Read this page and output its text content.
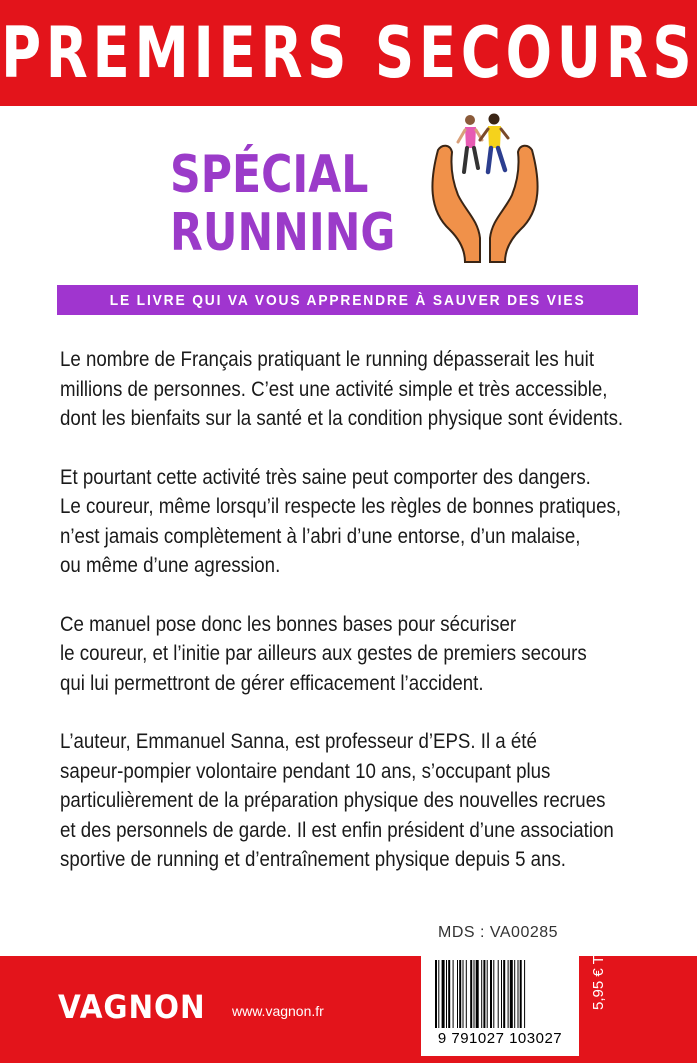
PREMIERS SECOURS
SPÉCIAL
RUNNING
LE LIVRE QUI VA VOUS APPRENDRE À SAUVER DES VIES

Le nombre de Français pratiquant le running dépasserait les huit
millions de personnes. C’est une activité simple et très accessible,
dont les bienfaits sur la santé et la condition physique sont évidents.

Et pourtant cette activité très saine peut comporter des dangers.
Le coureur, même lorsqu’il respecte les règles de bonnes pratiques,
n’est jamais complètement à l’abri d’une entorse, d’un malaise,
ou même d’une agression.

Ce manuel pose donc les bonnes bases pour sécuriser
le coureur, et l’initie par ailleurs aux gestes de premiers secours
qui lui permettront de gérer efficacement l’accident.

L’auteur, Emmanuel Sanna, est professeur d’EPS. Il a été
sapeur-pompier volontaire pendant 10 ans, s’occupant plus
particulièrement de la préparation physique des nouvelles recrues
et des personnels de garde. Il est enfin président d’une association
sportive de running et d’entraînement physique depuis 5 ans.

MDS : VA00285
VAGNON www.vagnon.fr
9 791027 103027
5,95 € TTC
